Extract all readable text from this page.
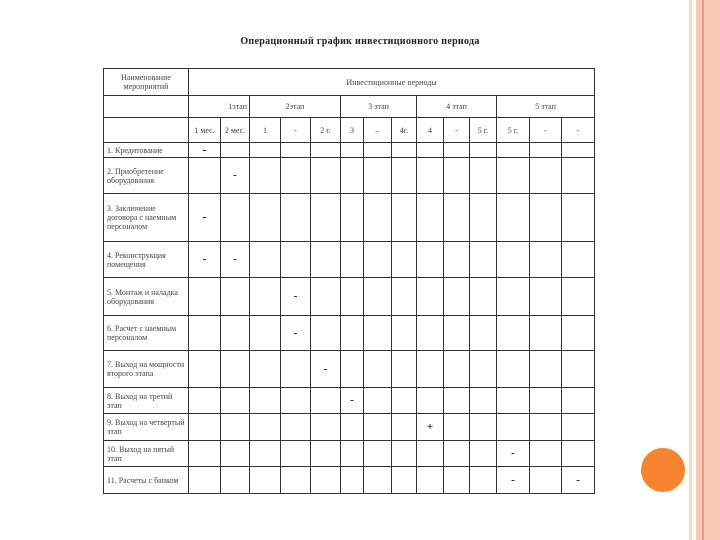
Операционный график инвестиционного периода
Наименование мероприятий	Инвестиционные периоды													
	1этап		2этап			3 этап			4 этап			5 этап		
	1 мес.	2 мес.	1	-	2 г.	3	–	4г.	4	-	5 г.	5 г.	-	-
1. Кредитование	-													
2. Приобретение оборудования		-												
3. Заключение договора с наемным персоналом	-													
4. Реконструкция помещения	-	-												
5. Монтаж и наладка оборудования				-										
6. Расчет с наемным персоналом				-										
7. Выход на мощности второго этапа					-									
8. Выход на третий этап						-								
9. Выход на четвертый этап									+					
10. Выход на пятый этап												-		
11. Расчеты с банком												-		-
